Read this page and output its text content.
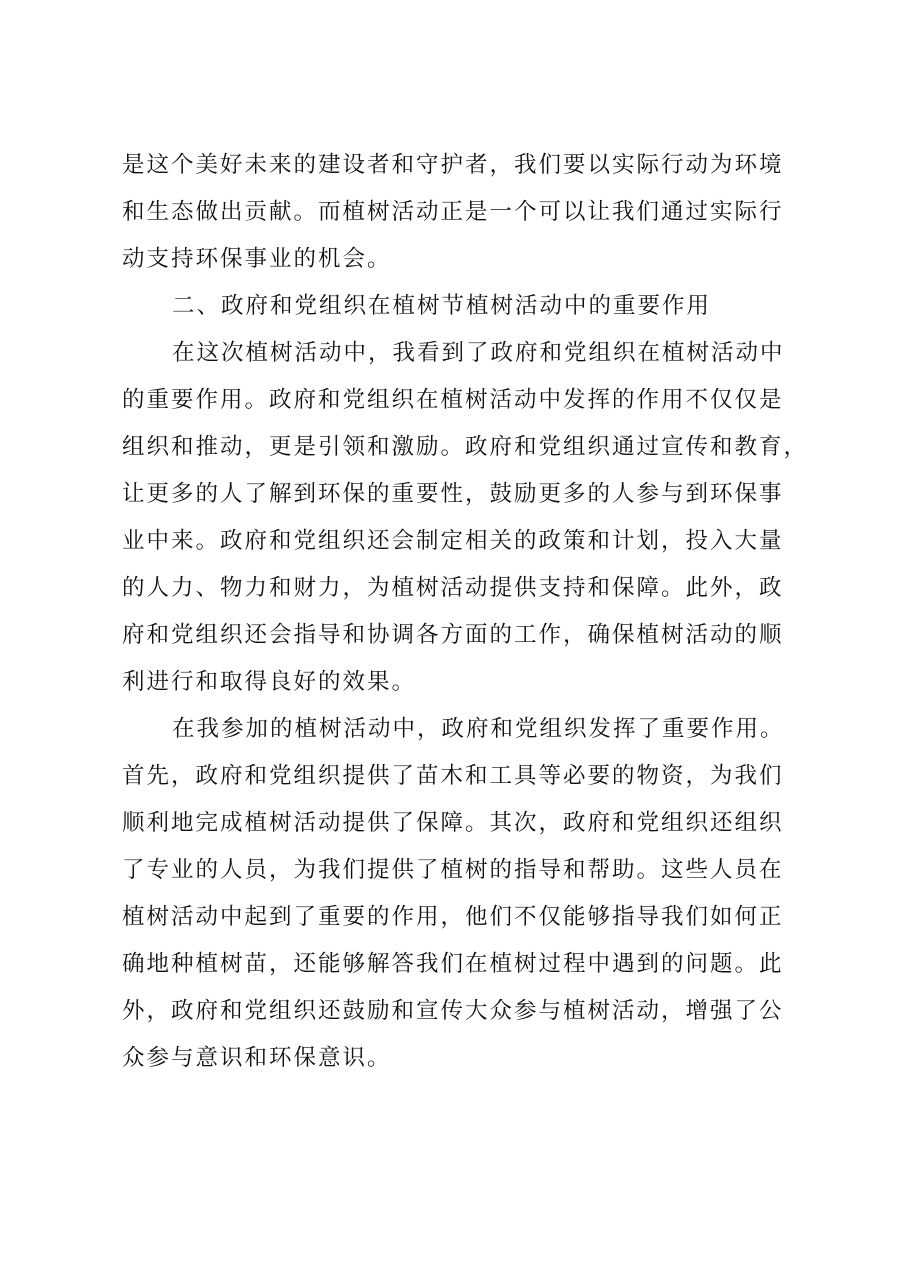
是这个美好未来的建设者和守护者，我们要以实际行动为环境
和生态做出贡献。而植树活动正是一个可以让我们通过实际行
动支持环保事业的机会。
二、政府和党组织在植树节植树活动中的重要作用
在这次植树活动中，我看到了政府和党组织在植树活动中
的重要作用。政府和党组织在植树活动中发挥的作用不仅仅是
组织和推动，更是引领和激励。政府和党组织通过宣传和教育，
让更多的人了解到环保的重要性，鼓励更多的人参与到环保事
业中来。政府和党组织还会制定相关的政策和计划，投入大量
的人力、物力和财力，为植树活动提供支持和保障。此外，政
府和党组织还会指导和协调各方面的工作，确保植树活动的顺
利进行和取得良好的效果。
在我参加的植树活动中，政府和党组织发挥了重要作用。
首先，政府和党组织提供了苗木和工具等必要的物资，为我们
顺利地完成植树活动提供了保障。其次，政府和党组织还组织
了专业的人员，为我们提供了植树的指导和帮助。这些人员在
植树活动中起到了重要的作用，他们不仅能够指导我们如何正
确地种植树苗，还能够解答我们在植树过程中遇到的问题。此
外，政府和党组织还鼓励和宣传大众参与植树活动，增强了公
众参与意识和环保意识。
